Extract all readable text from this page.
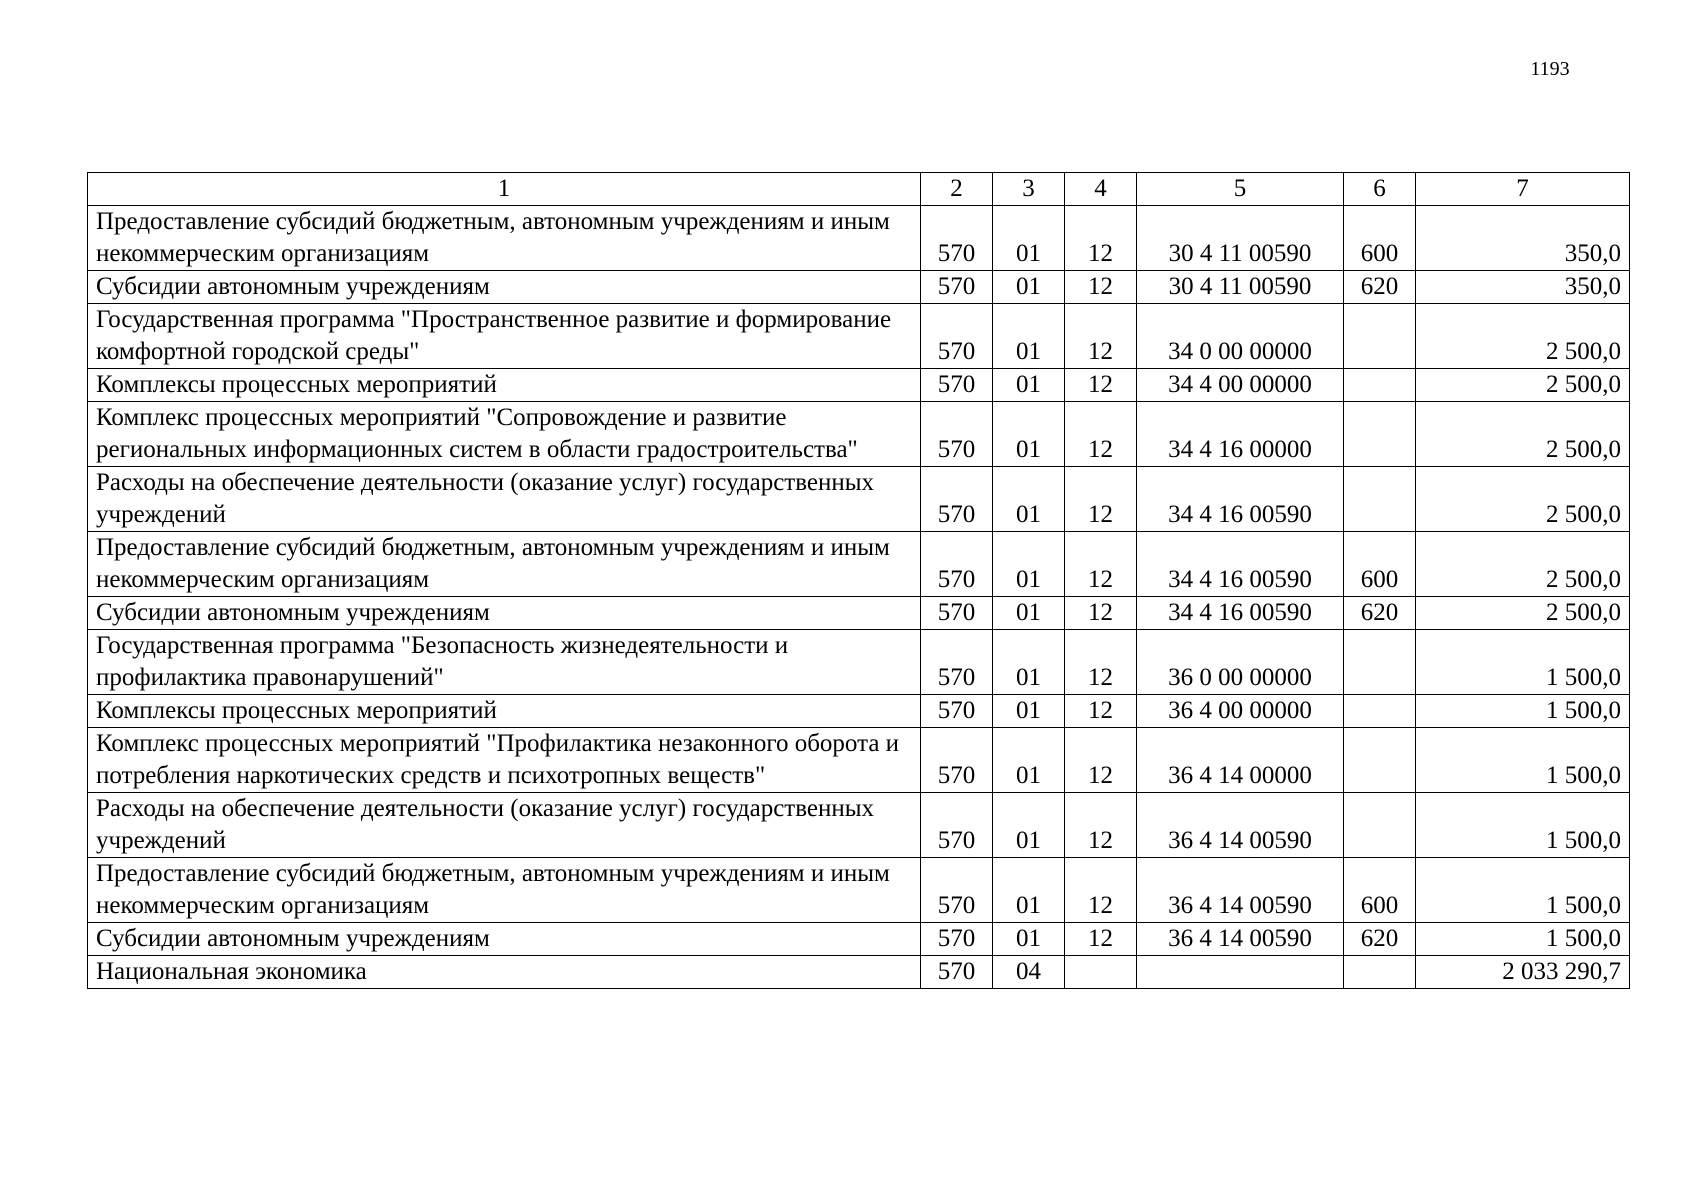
1193
1	2	3	4	5	6	7
Предоставление субсидий бюджетным, автономным учреждениям и иным некоммерческим организациям	570	01	12	30 4 11 00590	600	350,0
Субсидии автономным учреждениям	570	01	12	30 4 11 00590	620	350,0
Государственная программа "Пространственное развитие и формирование комфортной городской среды"	570	01	12	34 0 00 00000		2 500,0
Комплексы процессных мероприятий	570	01	12	34 4 00 00000		2 500,0
Комплекс процессных мероприятий "Сопровождение и развитие региональных информационных систем в области градостроительства"	570	01	12	34 4 16 00000		2 500,0
Расходы на обеспечение деятельности (оказание услуг) государственных учреждений	570	01	12	34 4 16 00590		2 500,0
Предоставление субсидий бюджетным, автономным учреждениям и иным некоммерческим организациям	570	01	12	34 4 16 00590	600	2 500,0
Субсидии автономным учреждениям	570	01	12	34 4 16 00590	620	2 500,0
Государственная программа "Безопасность жизнедеятельности и профилактика правонарушений"	570	01	12	36 0 00 00000		1 500,0
Комплексы процессных мероприятий	570	01	12	36 4 00 00000		1 500,0
Комплекс процессных мероприятий "Профилактика незаконного оборота и потребления наркотических средств и психотропных веществ"	570	01	12	36 4 14 00000		1 500,0
Расходы на обеспечение деятельности (оказание услуг) государственных учреждений	570	01	12	36 4 14 00590		1 500,0
Предоставление субсидий бюджетным, автономным учреждениям и иным некоммерческим организациям	570	01	12	36 4 14 00590	600	1 500,0
Субсидии автономным учреждениям	570	01	12	36 4 14 00590	620	1 500,0
Национальная экономика	570	04				2 033 290,7
